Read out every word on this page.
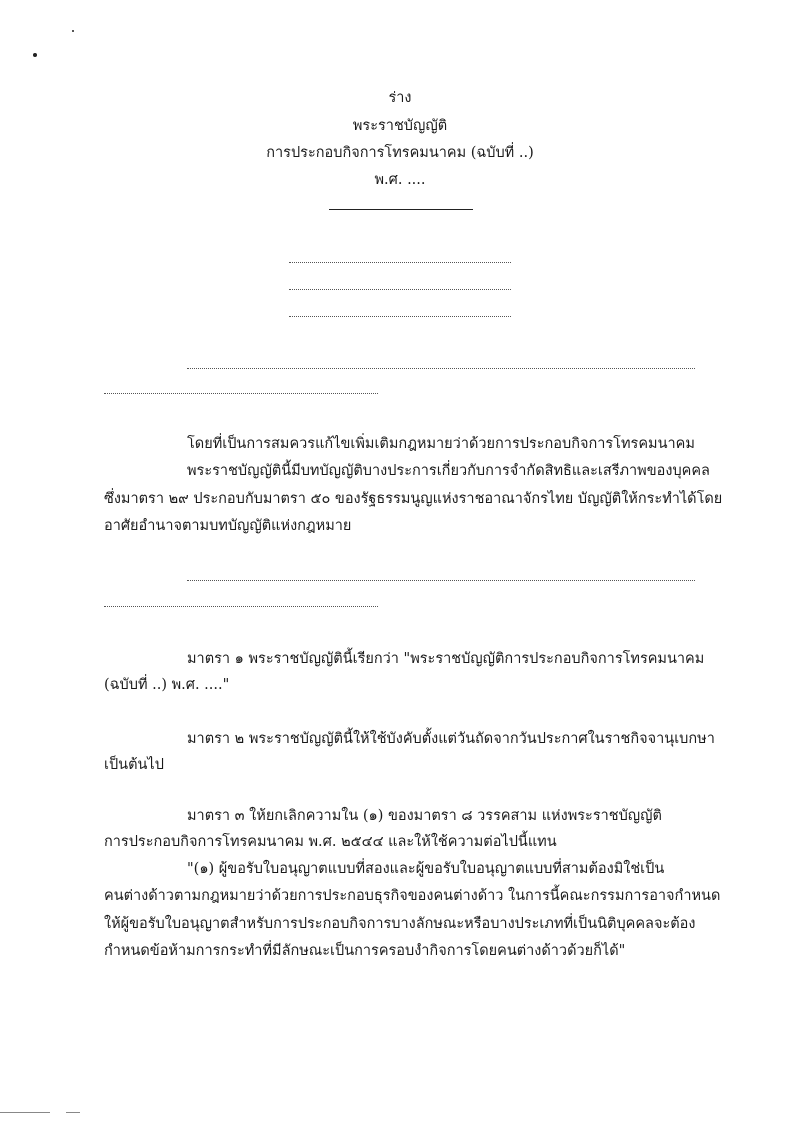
ร่าง
พระราชบัญญัติ
การประกอบกิจการโทรคมนาคม (ฉบับที่ ..)
พ.ศ. ....
โดยที่เป็นการสมควรแก้ไขเพิ่มเติมกฎหมายว่าด้วยการประกอบกิจการโทรคมนาคม
พระราชบัญญัตินี้มีบทบัญญัติบางประการเกี่ยวกับการจำกัดสิทธิและเสรีภาพของบุคคล
ซึ่งมาตรา ๒๙ ประกอบกับมาตรา ๕๐ ของรัฐธรรมนูญแห่งราชอาณาจักรไทย บัญญัติให้กระทำได้โดย
อาศัยอำนาจตามบทบัญญัติแห่งกฎหมาย
มาตรา ๑ พระราชบัญญัตินี้เรียกว่า "พระราชบัญญัติการประกอบกิจการโทรคมนาคม
(ฉบับที่ ..) พ.ศ. ...."
มาตรา ๒ พระราชบัญญัตินี้ให้ใช้บังคับตั้งแต่วันถัดจากวันประกาศในราชกิจจานุเบกษา
เป็นต้นไป
มาตรา ๓ ให้ยกเลิกความใน (๑) ของมาตรา ๘ วรรคสาม แห่งพระราชบัญญัติ
การประกอบกิจการโทรคมนาคม พ.ศ. ๒๕๔๔ และให้ใช้ความต่อไปนี้แทน
"(๑) ผู้ขอรับใบอนุญาตแบบที่สองและผู้ขอรับใบอนุญาตแบบที่สามต้องมิใช่เป็น
คนต่างด้าวตามกฎหมายว่าด้วยการประกอบธุรกิจของคนต่างด้าว ในการนี้คณะกรรมการอาจกำหนด
ให้ผู้ขอรับใบอนุญาตสำหรับการประกอบกิจการบางลักษณะหรือบางประเภทที่เป็นนิติบุคคลจะต้อง
กำหนดข้อห้ามการกระทำที่มีลักษณะเป็นการครอบงำกิจการโดยคนต่างด้าวด้วยก็ได้"
